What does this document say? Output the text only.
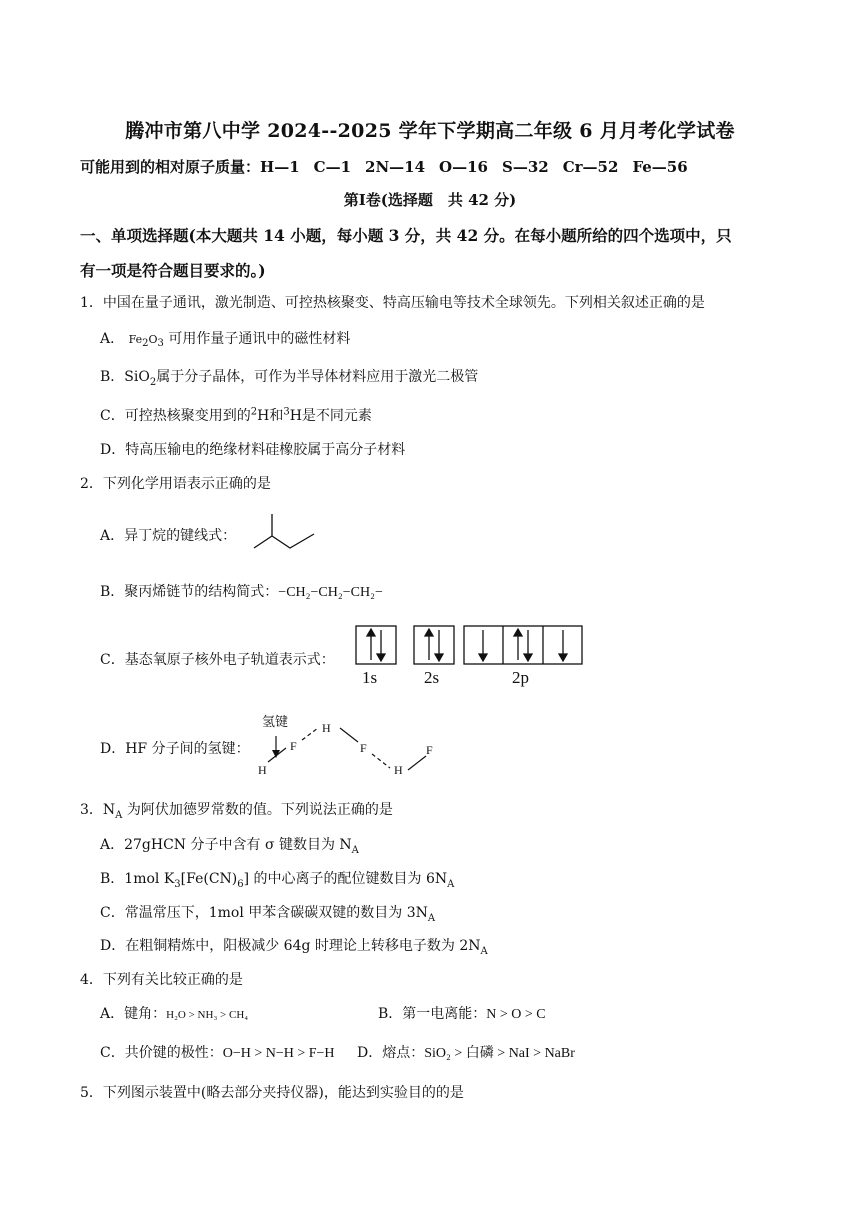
腾冲市第八中学 2024--2025 学年下学期高二年级 6 月月考化学试卷
可能用到的相对原子质量：H—1 C—1 2N—14 O—16 S—32 Cr—52 Fe—56
第Ⅰ卷(选择题　共 42 分)
一、单项选择题(本大题共 14 小题，每小题 3 分，共 42 分。在每小题所给的四个选项中，只
有一项是符合题目要求的。)
1．中国在量子通讯，激光制造、可控热核聚变、特高压输电等技术全球领先。下列相关叙述正确的是
A． $Fe_2O_3$ 可用作量子通讯中的磁性材料
B．SiO$_2$属于分子晶体，可作为半导体材料应用于激光二极管
C．可控热核聚变用到的$^2$H和$^3$H是不同元素
D．特高压输电的绝缘材料硅橡胶属于高分子材料
2．下列化学用语表示正确的是
A．异丁烷的键线式：
B．聚丙烯链节的结构简式：−CH₂−CH₂−CH₂−
C．基态氧原子核外电子轨道表示式：
1s	2s	2p
D．HF 分子间的氢键：
氢键
H
F
H
F
H
F
3．$N_A$ 为阿伏加德罗常数的值。下列说法正确的是
A．27gHCN 分子中含有 σ 键数目为 $N_A$
B．1mol $K_3[Fe(CN)_6]$ 的中心离子的配位键数目为 $6N_A$
C．常温常压下，1mol 甲苯含碳碳双键的数目为 $3N_A$
D．在粗铜精炼中，阳极减少 64g 时理论上转移电子数为 $2N_A$
4．下列有关比较正确的是
A．键角：H₂O > NH₃ > CH₄	B．第一电离能：N > O > C
C．共价键的极性：O−H > N−H > F−H D．熔点：SiO₂ > 白磷 > NaI > NaBr
5．下列图示装置中(略去部分夹持仪器)，能达到实验目的的是
